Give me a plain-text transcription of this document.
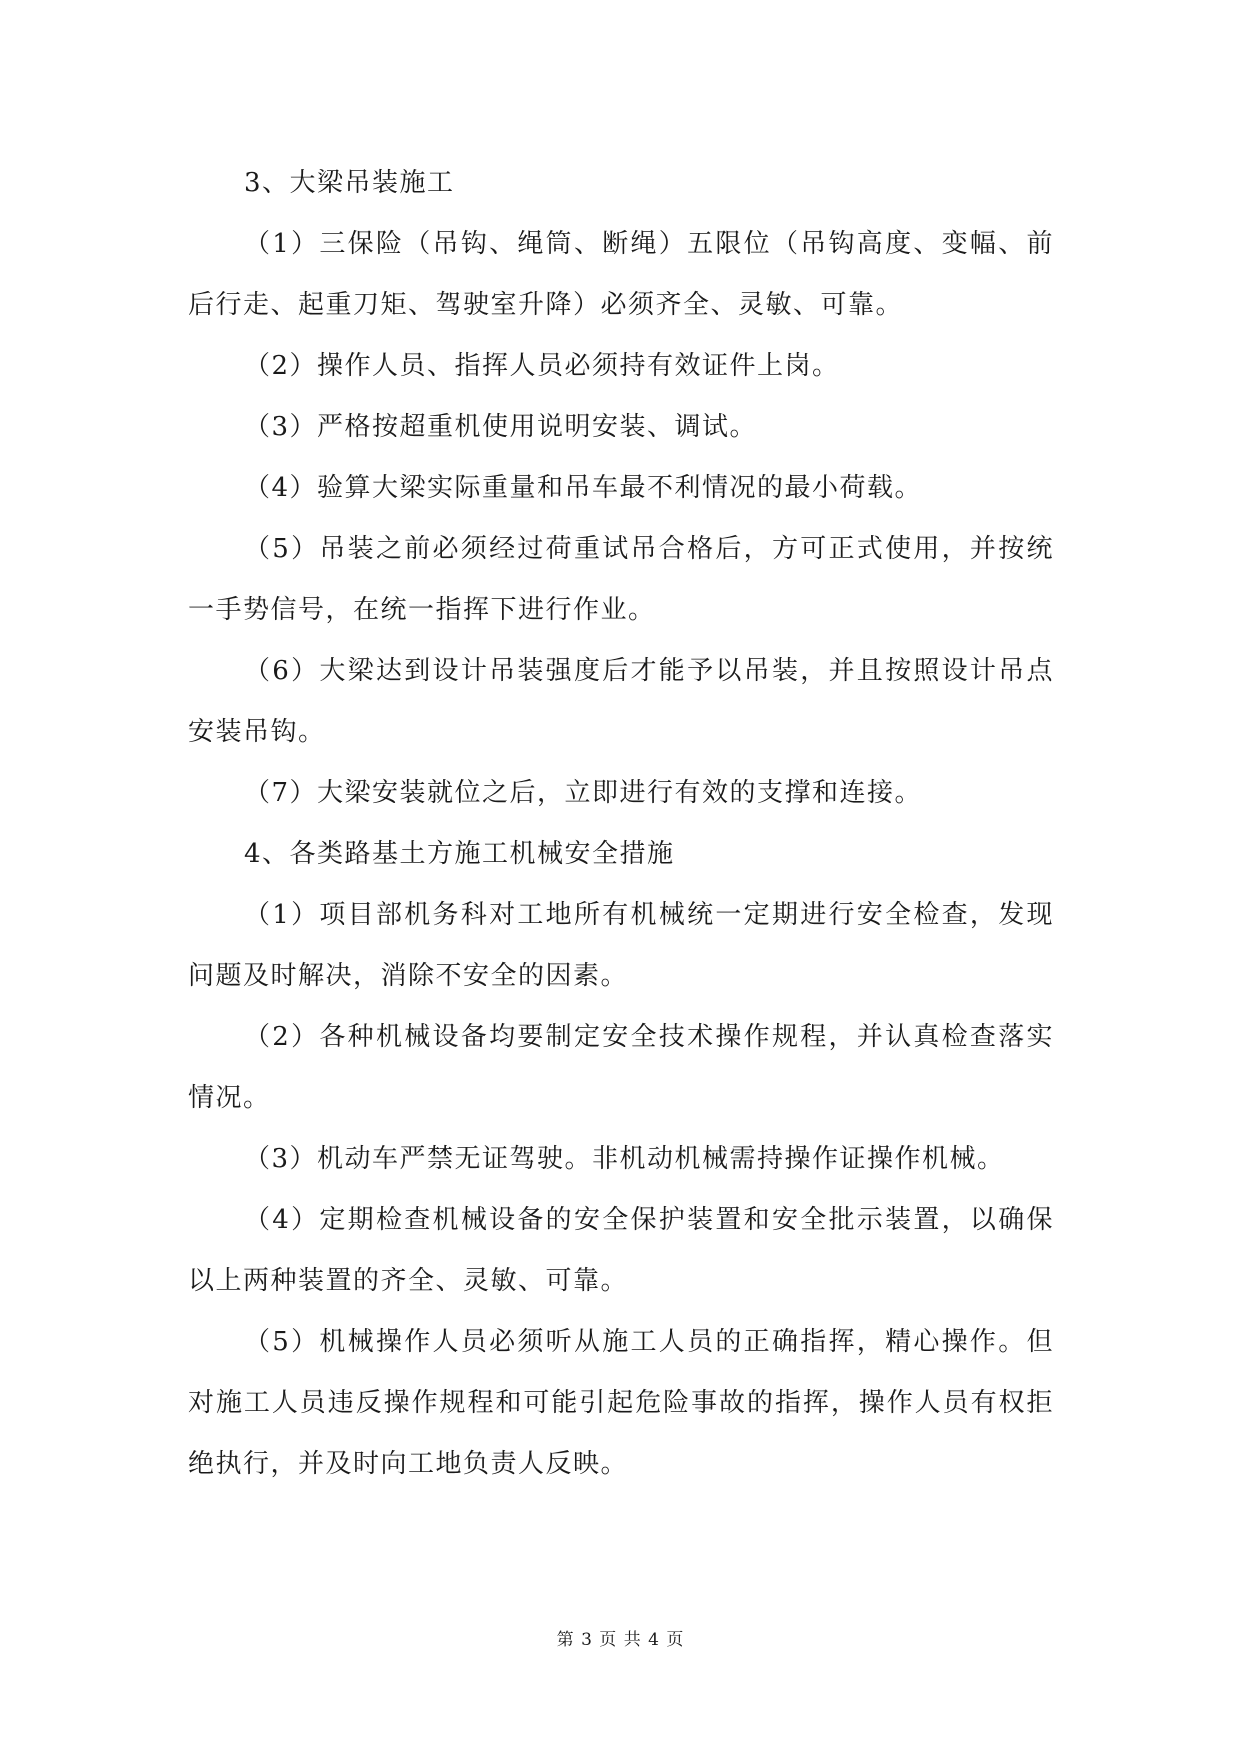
3、大梁吊装施工

（1）三保险（吊钩、绳筒、断绳）五限位（吊钩高度、变幅、前后行走、起重刀矩、驾驶室升降）必须齐全、灵敏、可靠。

（2）操作人员、指挥人员必须持有效证件上岗。

（3）严格按超重机使用说明安装、调试。

（4）验算大梁实际重量和吊车最不利情况的最小荷载。

（5）吊装之前必须经过荷重试吊合格后，方可正式使用，并按统一手势信号，在统一指挥下进行作业。

（6）大梁达到设计吊装强度后才能予以吊装，并且按照设计吊点安装吊钩。

（7）大梁安装就位之后，立即进行有效的支撑和连接。

4、各类路基土方施工机械安全措施

（1）项目部机务科对工地所有机械统一定期进行安全检查，发现问题及时解决，消除不安全的因素。

（2）各种机械设备均要制定安全技术操作规程，并认真检查落实情况。

（3）机动车严禁无证驾驶。非机动机械需持操作证操作机械。

（4）定期检查机械设备的安全保护装置和安全批示装置，以确保以上两种装置的齐全、灵敏、可靠。

（5）机械操作人员必须听从施工人员的正确指挥，精心操作。但对施工人员违反操作规程和可能引起危险事故的指挥，操作人员有权拒绝执行，并及时向工地负责人反映。

第 3 页 共 4 页
